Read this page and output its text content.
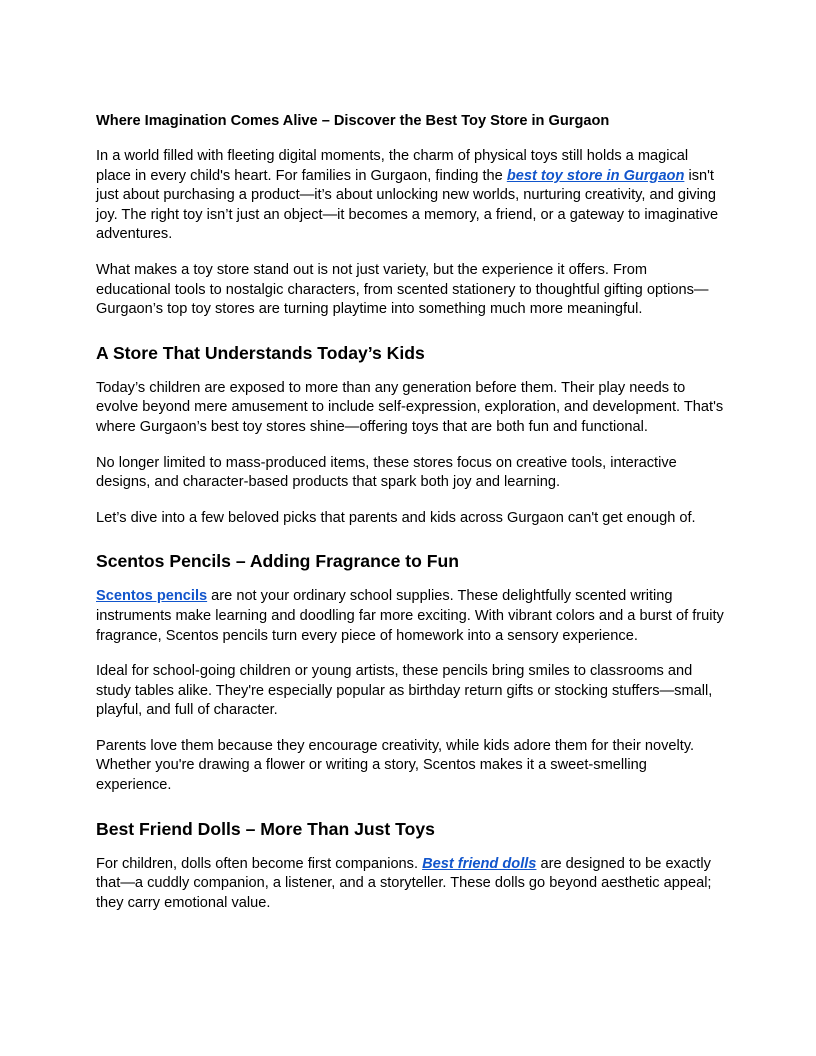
Where Imagination Comes Alive – Discover the Best Toy Store in Gurgaon

In a world filled with fleeting digital moments, the charm of physical toys still holds a magical place in every child's heart. For families in Gurgaon, finding the best toy store in Gurgaon isn't just about purchasing a product—it’s about unlocking new worlds, nurturing creativity, and giving joy. The right toy isn’t just an object—it becomes a memory, a friend, or a gateway to imaginative adventures.

What makes a toy store stand out is not just variety, but the experience it offers. From educational tools to nostalgic characters, from scented stationery to thoughtful gifting options—Gurgaon’s top toy stores are turning playtime into something much more meaningful.

A Store That Understands Today’s Kids

Today’s children are exposed to more than any generation before them. Their play needs to evolve beyond mere amusement to include self-expression, exploration, and development. That's where Gurgaon’s best toy stores shine—offering toys that are both fun and functional.

No longer limited to mass-produced items, these stores focus on creative tools, interactive designs, and character-based products that spark both joy and learning.

Let’s dive into a few beloved picks that parents and kids across Gurgaon can't get enough of.

Scentos Pencils – Adding Fragrance to Fun

Scentos pencils are not your ordinary school supplies. These delightfully scented writing instruments make learning and doodling far more exciting. With vibrant colors and a burst of fruity fragrance, Scentos pencils turn every piece of homework into a sensory experience.

Ideal for school-going children or young artists, these pencils bring smiles to classrooms and study tables alike. They're especially popular as birthday return gifts or stocking stuffers—small, playful, and full of character.

Parents love them because they encourage creativity, while kids adore them for their novelty. Whether you're drawing a flower or writing a story, Scentos makes it a sweet-smelling experience.

Best Friend Dolls – More Than Just Toys

For children, dolls often become first companions. Best friend dolls are designed to be exactly that—a cuddly companion, a listener, and a storyteller. These dolls go beyond aesthetic appeal; they carry emotional value.
